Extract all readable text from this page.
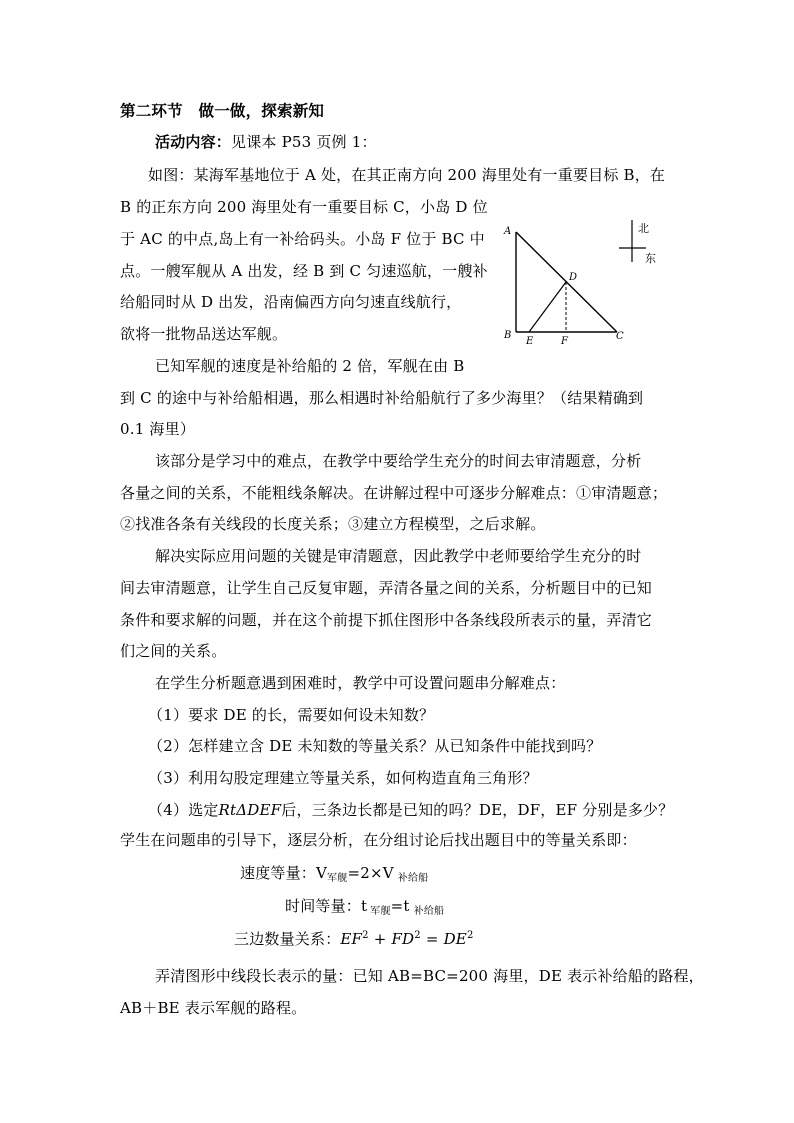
第二环节　做一做，探索新知
活动内容：见课本 P53 页例 1：
如图：某海军基地位于 A 处，在其正南方向 200 海里处有一重要目标 B，在
B 的正东方向 200 海里处有一重要目标 C，小岛 D 位
于 AC 的中点,岛上有一补给码头。小岛 F 位于 BC 中
点。一艘军舰从 A 出发，经 B 到 C 匀速巡航，一艘补
给船同时从 D 出发，沿南偏西方向匀速直线航行，
欲将一批物品送达军舰。
已知军舰的速度是补给船的 2 倍，军舰在由 B
到 C 的途中与补给船相遇，那么相遇时补给船航行了多少海里？（结果精确到
0.1 海里）
A
B	C
D
E	F
北
东
该部分是学习中的难点，在教学中要给学生充分的时间去审清题意，分析
各量之间的关系，不能粗线条解决。在讲解过程中可逐步分解难点：①审清题意；
②找准各条有关线段的长度关系；③建立方程模型，之后求解。
解决实际应用问题的关键是审清题意，因此教学中老师要给学生充分的时
间去审清题意，让学生自己反复审题，弄清各量之间的关系，分析题目中的已知
条件和要求解的问题，并在这个前提下抓住图形中各条线段所表示的量，弄清它
们之间的关系。
在学生分析题意遇到困难时，教学中可设置问题串分解难点：
（1）要求 DE 的长，需要如何设未知数？
（2）怎样建立含 DE 未知数的等量关系？从已知条件中能找到吗？
（3）利用勾股定理建立等量关系，如何构造直角三角形？
（4）选定RtΔDEF后，三条边长都是已知的吗？DE，DF，EF 分别是多少？
学生在问题串的引导下，逐层分析，在分组讨论后找出题目中的等量关系即：
速度等量：$V_{军舰}=2\times V$ $_{补给船}$
时间等量：t $_{军舰}$=t $_{补给船}$
三边数量关系：$EF^2 + FD^2 = DE^2$
弄清图形中线段长表示的量：已知 AB=BC=200 海里，DE 表示补给船的路程，
AB＋BE 表示军舰的路程。
